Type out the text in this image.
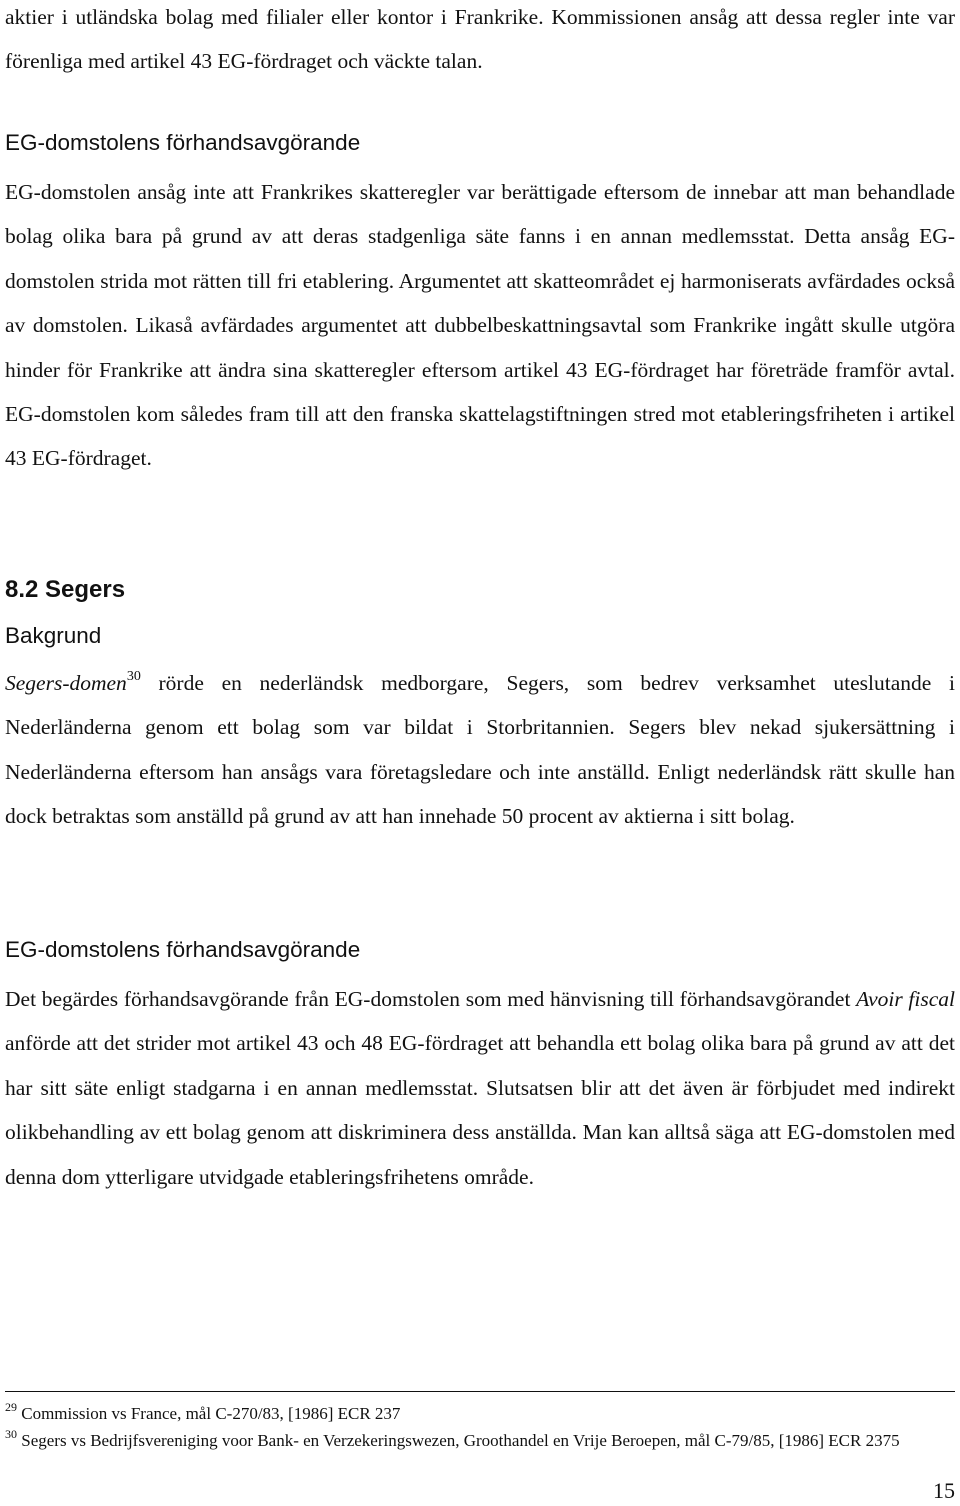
aktier i utländska bolag med filialer eller kontor i Frankrike. Kommissionen ansåg att dessa regler inte var förenliga med artikel 43 EG-fördraget och väckte talan.

EG-domstolens förhandsavgörande

EG-domstolen ansåg inte att Frankrikes skatteregler var berättigade eftersom de innebar att man behandlade bolag olika bara på grund av att deras stadgenliga säte fanns i en annan medlemsstat. Detta ansåg EG-domstolen strida mot rätten till fri etablering. Argumentet att skatteområdet ej harmoniserats avfärdades också av domstolen. Likaså avfärdades argumentet att dubbelbeskattningsavtal som Frankrike ingått skulle utgöra hinder för Frankrike att ändra sina skatteregler eftersom artikel 43 EG-fördraget har företräde framför avtal. EG-domstolen kom således fram till att den franska skattelagstiftningen stred mot etableringsfriheten i artikel 43 EG-fördraget.

8.2 Segers
Bakgrund

Segers-domen$^{30}$ rörde en nederländsk medborgare, Segers, som bedrev verksamhet uteslutande i Nederländerna genom ett bolag som var bildat i Storbritannien. Segers blev nekad sjukersättning i Nederländerna eftersom han ansågs vara företagsledare och inte anställd. Enligt nederländsk rätt skulle han dock betraktas som anställd på grund av att han innehade 50 procent av aktierna i sitt bolag.

EG-domstolens förhandsavgörande

Det begärdes förhandsavgörande från EG-domstolen som med hänvisning till förhandsavgörandet Avoir fiscal anförde att det strider mot artikel 43 och 48 EG-fördraget att behandla ett bolag olika bara på grund av att det har sitt säte enligt stadgarna i en annan medlemsstat. Slutsatsen blir att det även är förbjudet med indirekt olikbehandling av ett bolag genom att diskriminera dess anställda. Man kan alltså säga att EG-domstolen med denna dom ytterligare utvidgade etableringsfrihetens område.

$^{29}$ Commission vs France, mål C-270/83, [1986] ECR 237

$^{30}$ Segers vs Bedrijfsvereniging voor Bank- en Verzekeringswezen, Groothandel en Vrije Beroepen, mål C-79/85, [1986] ECR 2375

15
